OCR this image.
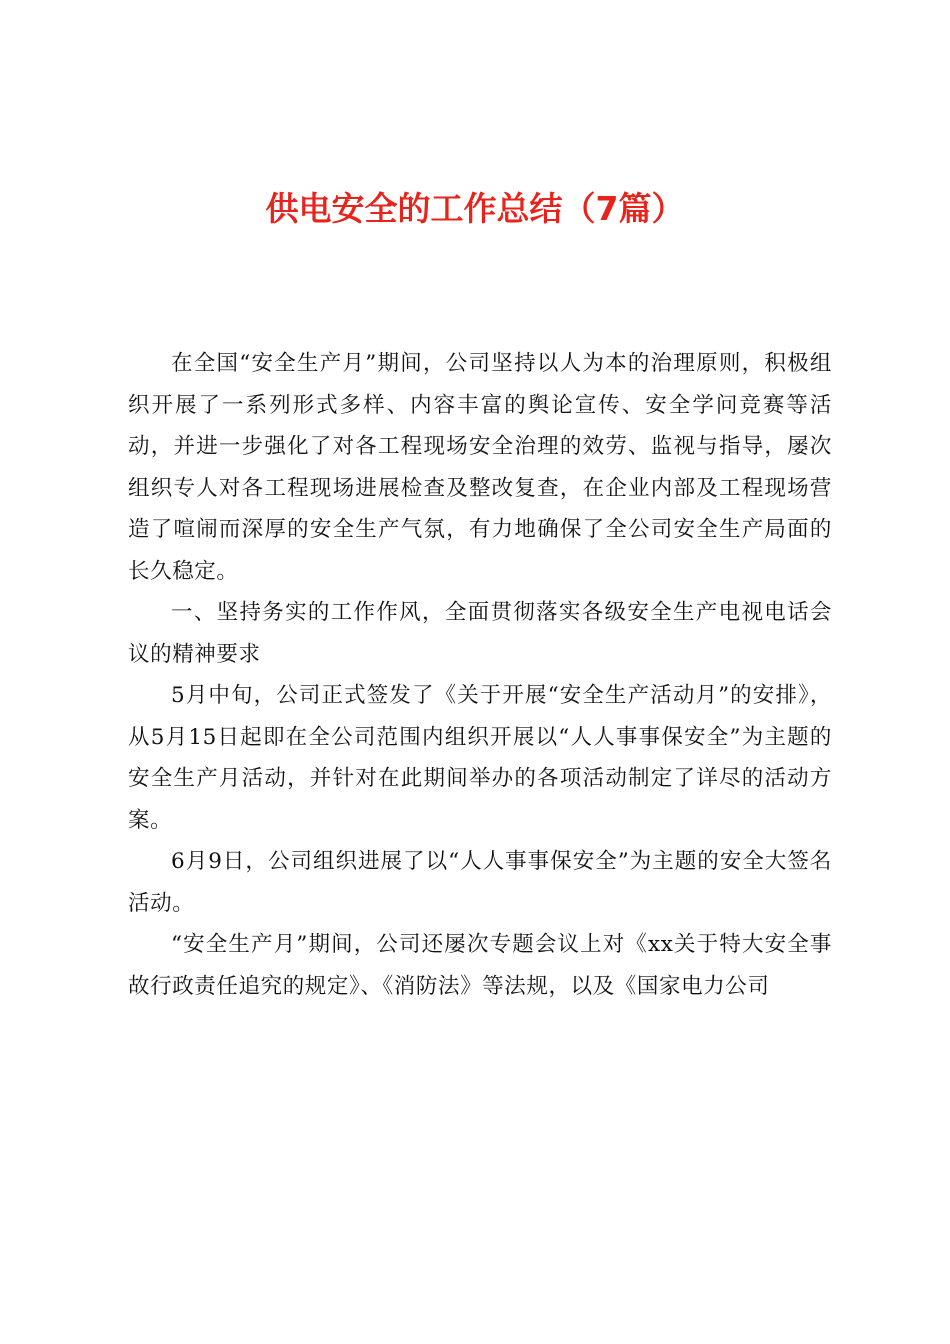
供电安全的工作总结（7篇）

在全国“安全生产月”期间，公司坚持以人为本的治理原则，积极组织开展了一系列形式多样、内容丰富的舆论宣传、安全学问竞赛等活动，并进一步强化了对各工程现场安全治理的效劳、监视与指导，屡次组织专人对各工程现场进展检查及整改复查，在企业内部及工程现场营造了喧闹而深厚的安全生产气氛，有力地确保了全公司安全生产局面的长久稳定。

一、坚持务实的工作作风，全面贯彻落实各级安全生产电视电话会议的精神要求

5月中旬，公司正式签发了《关于开展“安全生产活动月”的安排》，从5月15日起即在全公司范围内组织开展以“人人事事保安全”为主题的安全生产月活动，并针对在此期间举办的各项活动制定了详尽的活动方案。

6月9日，公司组织进展了以“人人事事保安全”为主题的安全大签名活动。

“安全生产月”期间，公司还屡次专题会议上对《xx关于特大安全事故行政责任追究的规定》、《消防法》等法规，以及《国家电力公司
